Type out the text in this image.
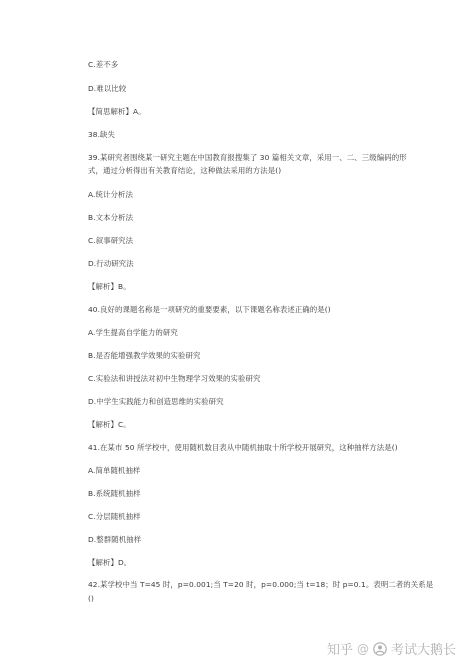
C.差不多
D.难以比较
【简思解析】A。
38.缺失
39.某研究者围绕某一研究主题在中国教育报搜集了 30 篇相关文章，采用一、二、三级编码的形
式，通过分析得出有关教育结论，这种做法采用的方法是()
A.统计分析法
B.文本分析法
C.叙事研究法
D.行动研究法
【解析】B。
40.良好的课题名称是一项研究的重要要素，以下课题名称表述正确的是()
A.学生提高自学能力的研究
B.是否能增强教学效果的实验研究
C.实验法和讲授法对初中生物理学习效果的实验研究
D.中学生实践能力和创造思维的实验研究
【解析】C。
41.在某市 50 所学校中，使用随机数目表从中随机抽取十所学校开展研究，这种抽样方法是()
A.简单随机抽样
B.系统随机抽样
C.分层随机抽样
D.整群随机抽样
【解析】D。
42.某学校中当 T=45 时，p=0.001;当 T=20 时，p=0.000;当 t=18；时 p=0.1。表明二者的关系是
()
知乎 @ 考试大鹅长
